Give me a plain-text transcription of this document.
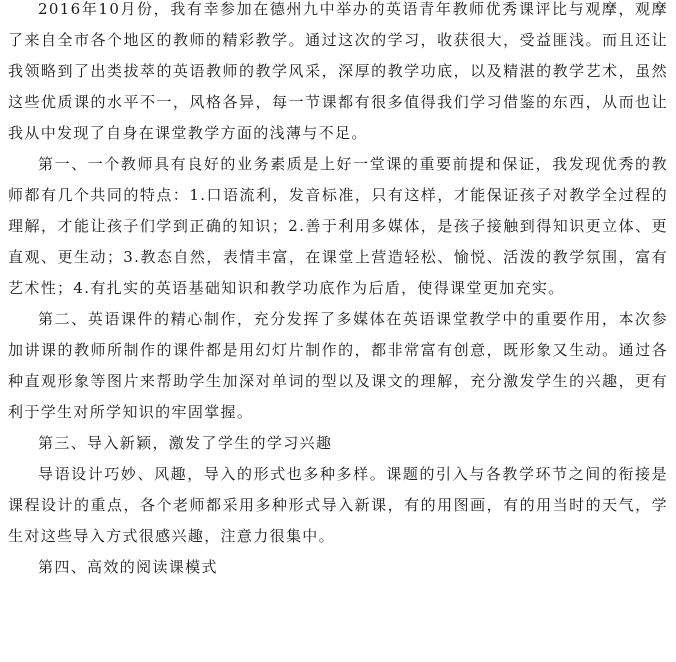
2016年10月份，我有幸参加在德州九中举办的英语青年教师优秀课评比与观摩，观摩了来自全市各个地区的教师的精彩教学。通过这次的学习，收获很大，受益匪浅。而且还让我领略到了出类拔萃的英语教师的教学风采，深厚的教学功底，以及精湛的教学艺术，虽然这些优质课的水平不一，风格各异，每一节课都有很多值得我们学习借鉴的东西，从而也让我从中发现了自身在课堂教学方面的浅薄与不足。

第一、一个教师具有良好的业务素质是上好一堂课的重要前提和保证，我发现优秀的教师都有几个共同的特点：1.口语流利，发音标准，只有这样，才能保证孩子对教学全过程的理解，才能让孩子们学到正确的知识；2.善于利用多媒体，是孩子接触到得知识更立体、更直观、更生动；3.教态自然，表情丰富，在课堂上营造轻松、愉悦、活泼的教学氛围，富有艺术性；4.有扎实的英语基础知识和教学功底作为后盾，使得课堂更加充实。

第二、英语课件的精心制作，充分发挥了多媒体在英语课堂教学中的重要作用，本次参加讲课的教师所制作的课件都是用幻灯片制作的，都非常富有创意，既形象又生动。通过各种直观形象等图片来帮助学生加深对单词的型以及课文的理解，充分激发学生的兴趣，更有利于学生对所学知识的牢固掌握。

第三、导入新颖，激发了学生的学习兴趣

导语设计巧妙、风趣，导入的形式也多种多样。课题的引入与各教学环节之间的衔接是课程设计的重点，各个老师都采用多种形式导入新课，有的用图画，有的用当时的天气，学生对这些导入方式很感兴趣，注意力很集中。

第四、高效的阅读课模式
